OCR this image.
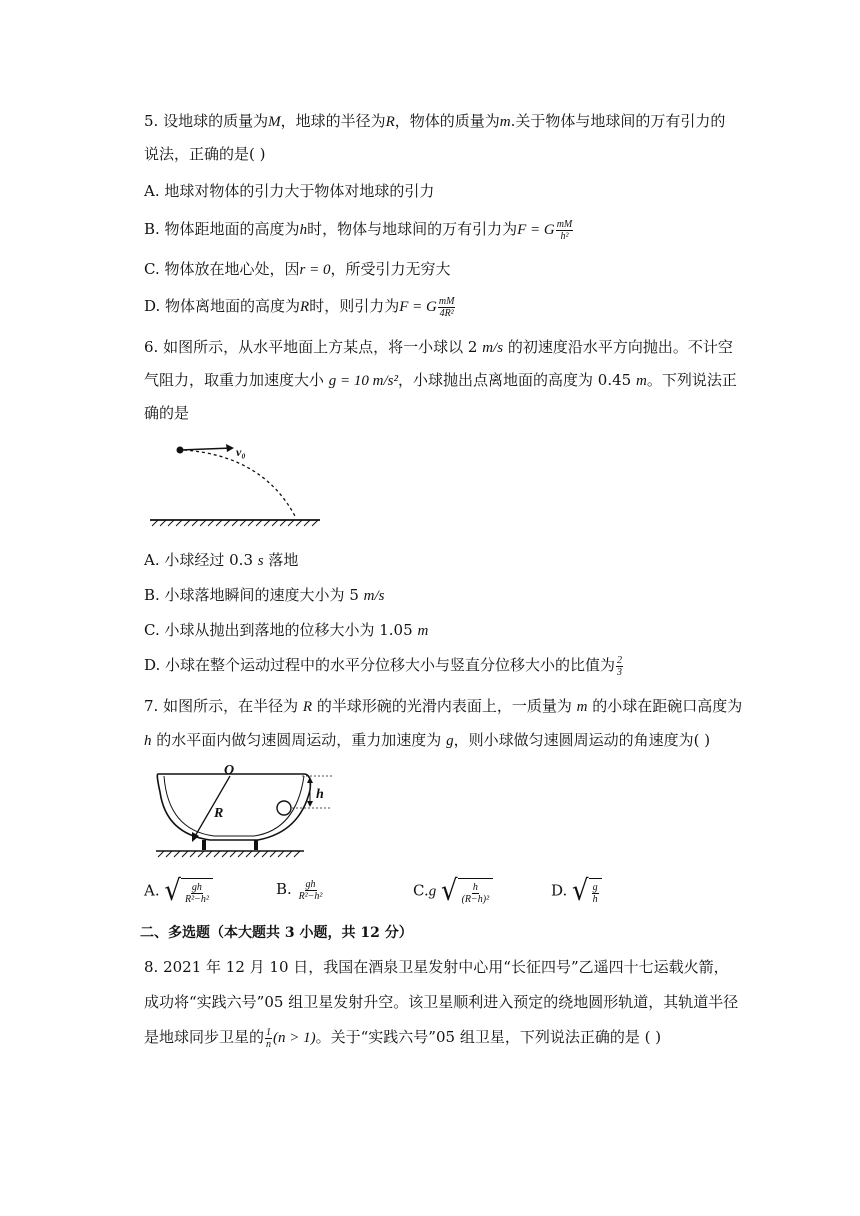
5. 设地球的质量为M，地球的半径为R，物体的质量为m.关于物体与地球间的万有引力的
说法，正确的是( )
A. 地球对物体的引力大于物体对地球的引力
B. 物体距地面的高度为h时，物体与地球间的万有引力为F = G $\frac{mM}{\text{h²}}$
C. 物体放在地心处，因r = 0，所受引力无穷大
D. 物体离地面的高度为R时，则引力为F = G $\frac{mM}{\text{4R²}}$
6. 如图所示，从水平地面上方某点，将一小球以 2 m/s 的初速度沿水平方向抛出。不计空
气阻力，取重力加速度大小 g = 10 m/s²，小球抛出点离地面的高度为 0.45 m。下列说法正
确的是
v₀
A. 小球经过 0.3 s 落地
B. 小球落地瞬间的速度大小为 5 m/s
C. 小球从抛出到落地的位移大小为 1.05 m
D. 小球在整个运动过程中的水平分位移大小与竖直分位移大小的比值为 $\frac{2}{3}$
7. 如图所示，在半径为 R 的半球形碗的光滑内表面上，一质量为 m 的小球在距碗口高度为
h 的水平面内做匀速圆周运动，重力加速度为 g，则小球做匀速圆周运动的角速度为( )
O
R
h
A. √ $\frac{gh}{\text{R²−h²}}$	B. $\frac{gh}{\text{R²−h²}}$	C.g √ $\frac{h}{\text{(R−h)²}}$	D. √ $\frac{g}{h}$
二、多选题（本大题共 3 小题，共 12 分）
8. 2021 年 12 月 10 日，我国在酒泉卫星发射中心用“长征四号”乙遥四十七运载火箭，
成功将“实践六号”05 组卫星发射升空。该卫星顺利进入预定的绕地圆形轨道，其轨道半径
是地球同步卫星的 $\frac{1}{n} (n > 1)$。关于“实践六号”05 组卫星，下列说法正确的是 ( )
